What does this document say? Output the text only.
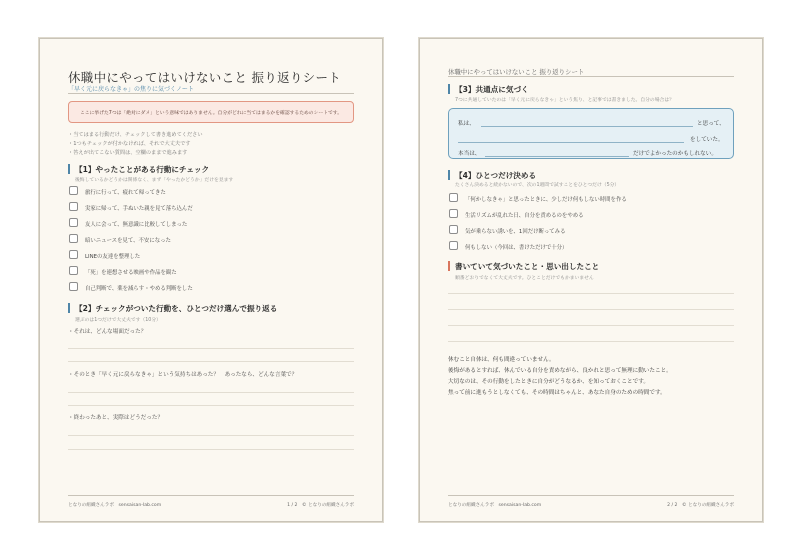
休職中にやってはいけないこと 振り返りシート
「早く元に戻らなきゃ」の焦りに気づくノート
ここに挙げた7つは「絶対にダメ」という意味ではありません。自分がどれに当てはまるかを確認するためのシートです。
・当てはまる行動だけ、チェックして書き進めてください
・1つもチェックが付かなければ、それで大丈夫です
・答えが出てこない質問は、空欄のままで進みます
【1】やったことがある行動にチェック
後悔しているかどうかは関係なく、まず「やったかどうか」だけを見ます
旅行に行って、疲れて帰ってきた
実家に帰って、手ぬいた親を見て落ち込んだ
友人に会って、無意識に比較してしまった
暗いニュースを見て、不安になった
LINEの友達を整理した
「死」を連想させる映画や作品を観た
自己判断で、薬を減らす・やめる判断をした
【2】チェックがついた行動を、ひとつだけ選んで振り返る
選ぶのは1つだけで大丈夫です（10分）
・それは、どんな場面だった？
・そのとき「早く元に戻らなきゃ」という気持ちはあった？　あったなら、どんな言葉で？
・終わったあと、実際はどうだった？
となりの組織さんラボ　sensaisan-lab.com	1 / 2　© となりの組織さんラボ
休職中にやってはいけないこと 振り返りシート
【3】共通点に気づく
7つに共通していたのは「早く元に戻らなきゃ」という焦り、と記事では書きました。自分の場合は？
私は、	と思って、
をしていた。
本当は、	だけでよかったのかもしれない。
【4】ひとつだけ決める
たくさん決めると続かないので、次の1週間で試すことをひとつだけ（5分）
「何かしなきゃ」と思ったときに、少しだけ何もしない時間を作る
生活リズムが乱れた日、自分を責めるのをやめる
気が乗らない誘いを、1回だけ断ってみる
何もしない（今回は、書けただけで十分）
書いていて気づいたこと・思い出したこと
順番どおりでなくて大丈夫です。ひとことだけでもかまいません
休むこと自体は、何も間違っていません。
後悔があるとすれば、休んでいる自分を責めながら、良かれと思って無理に動いたこと。
大切なのは、その行動をしたときに自分がどうなるか、を知っておくことです。
焦って前に進もうとしなくても、その時間はちゃんと、あなた自身のための時間です。
となりの組織さんラボ　sensaisan-lab.com	2 / 2　© となりの組織さんラボ
